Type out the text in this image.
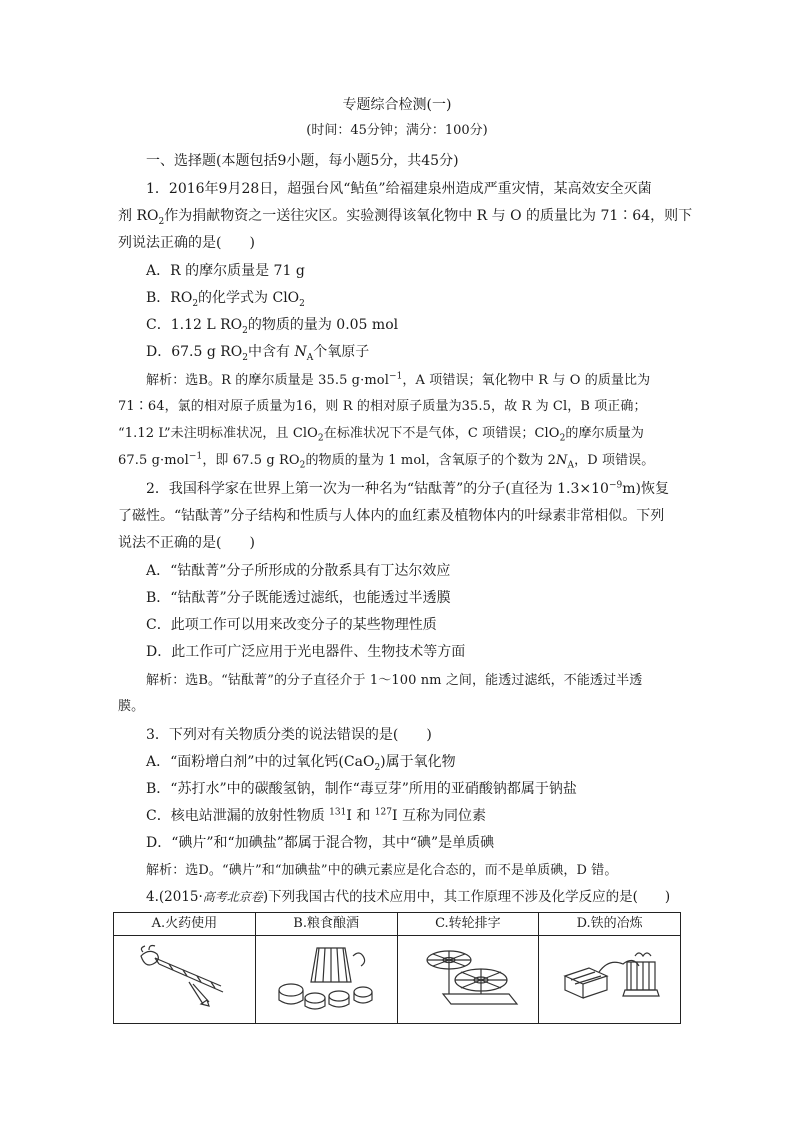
专题综合检测(一)
(时间：45分钟；满分：100分)
一、选择题(本题包括9小题，每小题5分，共45分)
1．2016年9月28日，超强台风“鲇鱼”给福建泉州造成严重灾情，某高效安全灭菌
剂 $RO_2$作为捐献物资之一送往灾区。实验测得该氧化物中 R 与 O 的质量比为 71∶64，则下
列说法正确的是(　　)
A．R 的摩尔质量是 71 g
B．$RO_2$的化学式为 ClO$_2$
C．1.12 L $RO_2$的物质的量为 0.05 mol
D．67.5 g $RO_2$中含有 $N_A$个氧原子
解析：选B。R 的摩尔质量是 35.5 g·mol$^{-1}$，A 项错误；氧化物中 R 与 O 的质量比为
71∶64，氯的相对原子质量为16，则 R 的相对原子质量为35.5，故 R 为 Cl，B 项正确；
“1.12 L”未注明标准状况，且 ClO$_2$在标准状况下不是气体，C 项错误；ClO$_2$的摩尔质量为
67.5 g·mol$^{-1}$，即 67.5 g $RO_2$的物质的量为 1 mol，含氧原子的个数为 $2N_A$，D 项错误。
2．我国科学家在世界上第一次为一种名为“钴酞菁”的分子(直径为 $1.3\times 10^{-9}m$)恢复
了磁性。“钴酞菁”分子结构和性质与人体内的血红素及植物体内的叶绿素非常相似。下列
说法不正确的是(　　)
A．“钴酞菁”分子所形成的分散系具有丁达尔效应
B．“钴酞菁”分子既能透过滤纸，也能透过半透膜
C．此项工作可以用来改变分子的某些物理性质
D．此工作可广泛应用于光电器件、生物技术等方面
解析：选B。“钴酞菁”的分子直径介于 1～100 nm 之间，能透过滤纸，不能透过半透
膜。
3．下列对有关物质分类的说法错误的是(　　)
A．“面粉增白剂”中的过氧化钙(CaO$_2$)属于氧化物
B．“苏打水”中的碳酸氢钠，制作“毒豆芽”所用的亚硝酸钠都属于钠盐
C．核电站泄漏的放射性物质 $^{131}$I 和 $^{127}$I 互称为同位素
D．“碘片”和“加碘盐”都属于混合物，其中“碘”是单质碘
解析：选D。“碘片”和“加碘盐”中的碘元素应是化合态的，而不是单质碘，D 错。
4.(2015·高考北京卷)下列我国古代的技术应用中，其工作原理不涉及化学反应的是(　　)
A.火药使用	B.粮食酿酒	C.转轮排字	D.铁的冶炼
